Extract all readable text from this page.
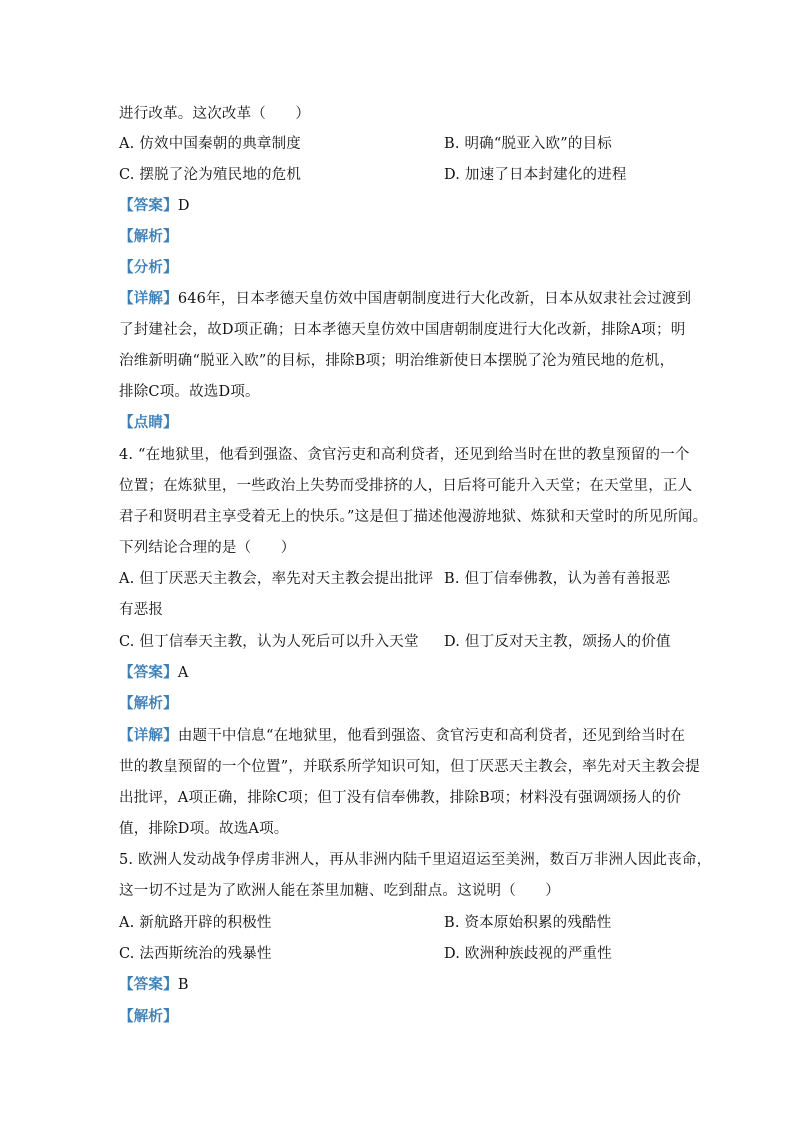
进行改革。这次改革（　　）
A. 仿效中国秦朝的典章制度	B. 明确“脱亚入欧”的目标
C. 摆脱了沦为殖民地的危机	D. 加速了日本封建化的进程
【答案】D
【解析】
【分析】
【详解】646年，日本孝德天皇仿效中国唐朝制度进行大化改新，日本从奴隶社会过渡到
了封建社会，故D项正确；日本孝德天皇仿效中国唐朝制度进行大化改新，排除A项；明
治维新明确“脱亚入欧”的目标，排除B项；明治维新使日本摆脱了沦为殖民地的危机，
排除C项。故选D项。
【点睛】
4. “在地狱里，他看到强盗、贪官污吏和高利贷者，还见到给当时在世的教皇预留的一个
位置；在炼狱里，一些政治上失势而受排挤的人，日后将可能升入天堂；在天堂里，正人
君子和贤明君主享受着无上的快乐。”这是但丁描述他漫游地狱、炼狱和天堂时的所见所闻。
下列结论合理的是（　　）
A. 但丁厌恶天主教会，率先对天主教会提出批评 B. 但丁信奉佛教，认为善有善报恶
有恶报
C. 但丁信奉天主教，认为人死后可以升入天堂 D. 但丁反对天主教，颂扬人的价值
【答案】A
【解析】
【详解】由题干中信息“在地狱里，他看到强盗、贪官污吏和高利贷者，还见到给当时在
世的教皇预留的一个位置”，并联系所学知识可知，但丁厌恶天主教会，率先对天主教会提
出批评，A项正确，排除C项；但丁没有信奉佛教，排除B项；材料没有强调颂扬人的价
值，排除D项。故选A项。
5. 欧洲人发动战争俘虏非洲人，再从非洲内陆千里迢迢运至美洲，数百万非洲人因此丧命，
这一切不过是为了欧洲人能在茶里加糖、吃到甜点。这说明（　　）
A. 新航路开辟的积极性	B. 资本原始积累的残酷性
C. 法西斯统治的残暴性	D. 欧洲种族歧视的严重性
【答案】B
【解析】
